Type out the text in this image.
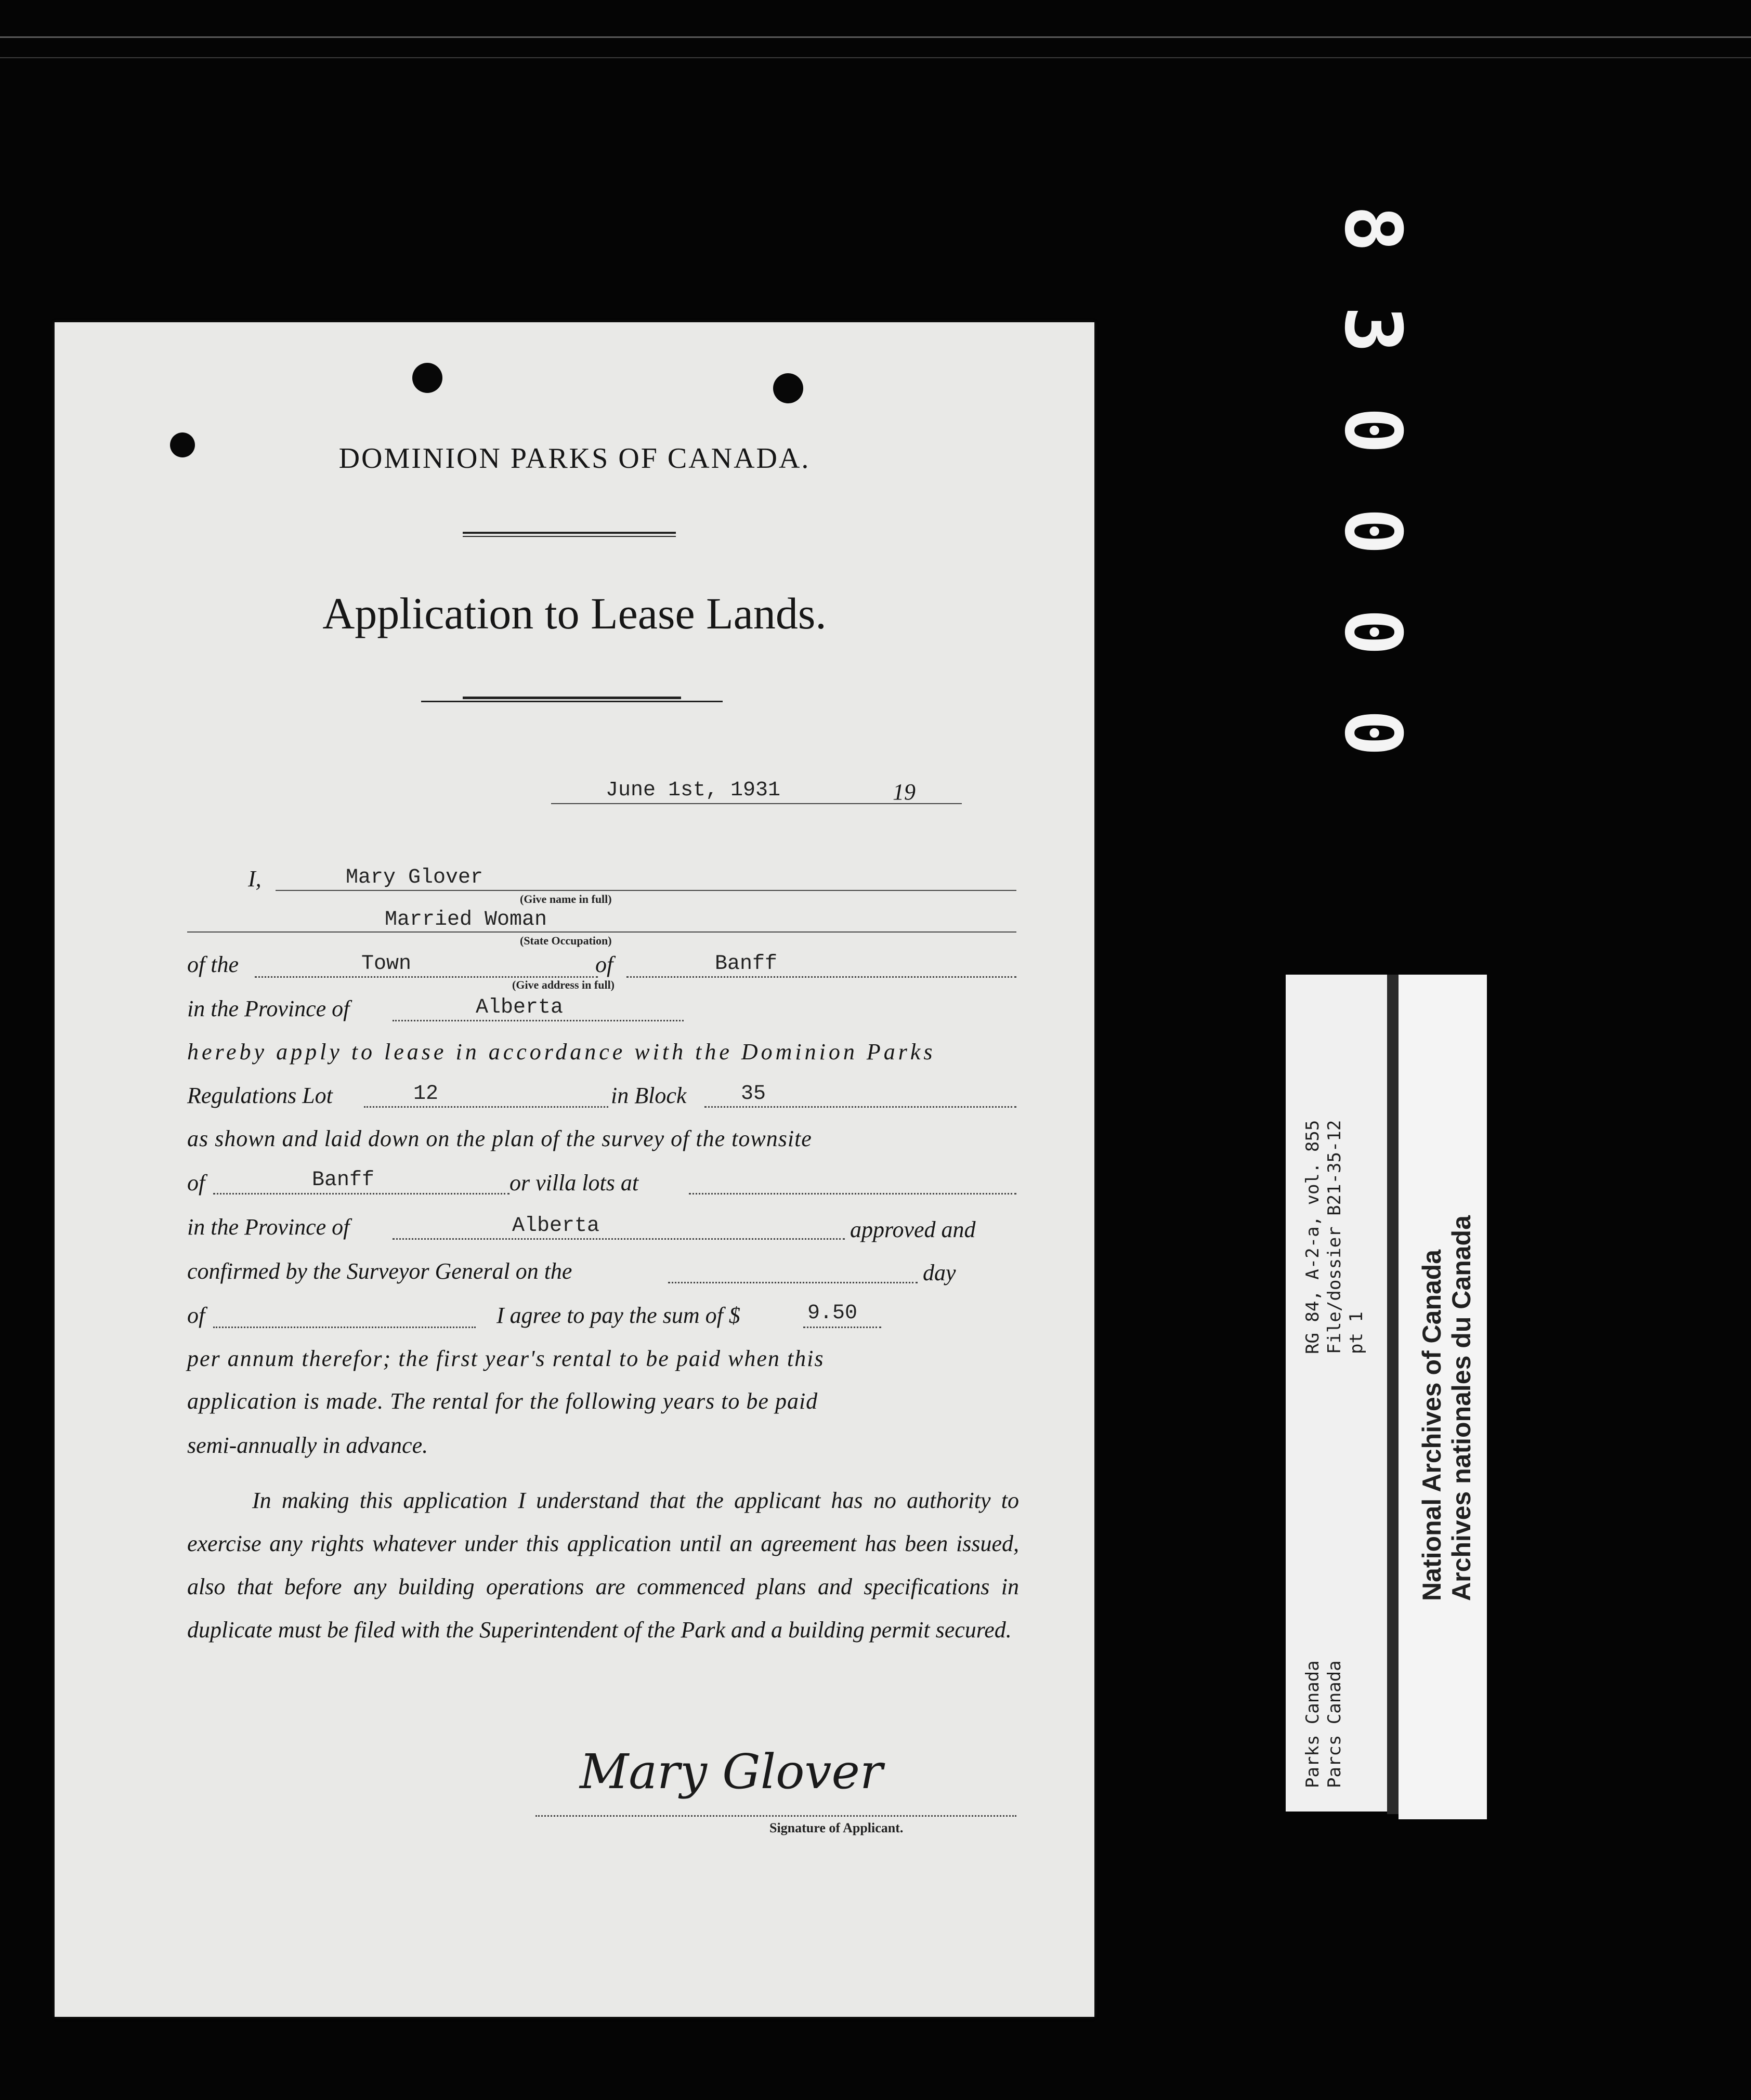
DOMINION PARKS OF CANADA.
Application to Lease Lands.
June 1st, 1931	19
I,	Mary Glover
(Give name in full)
Married Woman
(State Occupation)
of the	Town	of	Banff
(Give address in full)
in the Province of	Alberta
hereby apply to lease in accordance with the Dominion Parks
Regulations Lot	12	in Block	35
as shown and laid down on the plan of the survey of the townsite
of	Banff	or villa lots at
in the Province of	Alberta	approved and
confirmed by the Surveyor General on the	day
of	I agree to pay the sum of $	9.50
per annum therefor; the first year's rental to be paid when this
application is made. The rental for the following years to be paid
semi-annually in advance.
In making this application I understand that the applicant has no authority to exercise any rights whatever under this application until an agreement has been issued, also that before any building operations are commenced plans and specifications in duplicate must be filed with the Superintendent of the Park and a building permit secured.
Mary Glover
Signature of Applicant.
8
3
0
0
0
0
RG 84, A-2-a, vol. 855 File/dossier B21-35-12 pt 1
Parks Canada Parcs Canada
National Archives of Canada Archives nationales du Canada
